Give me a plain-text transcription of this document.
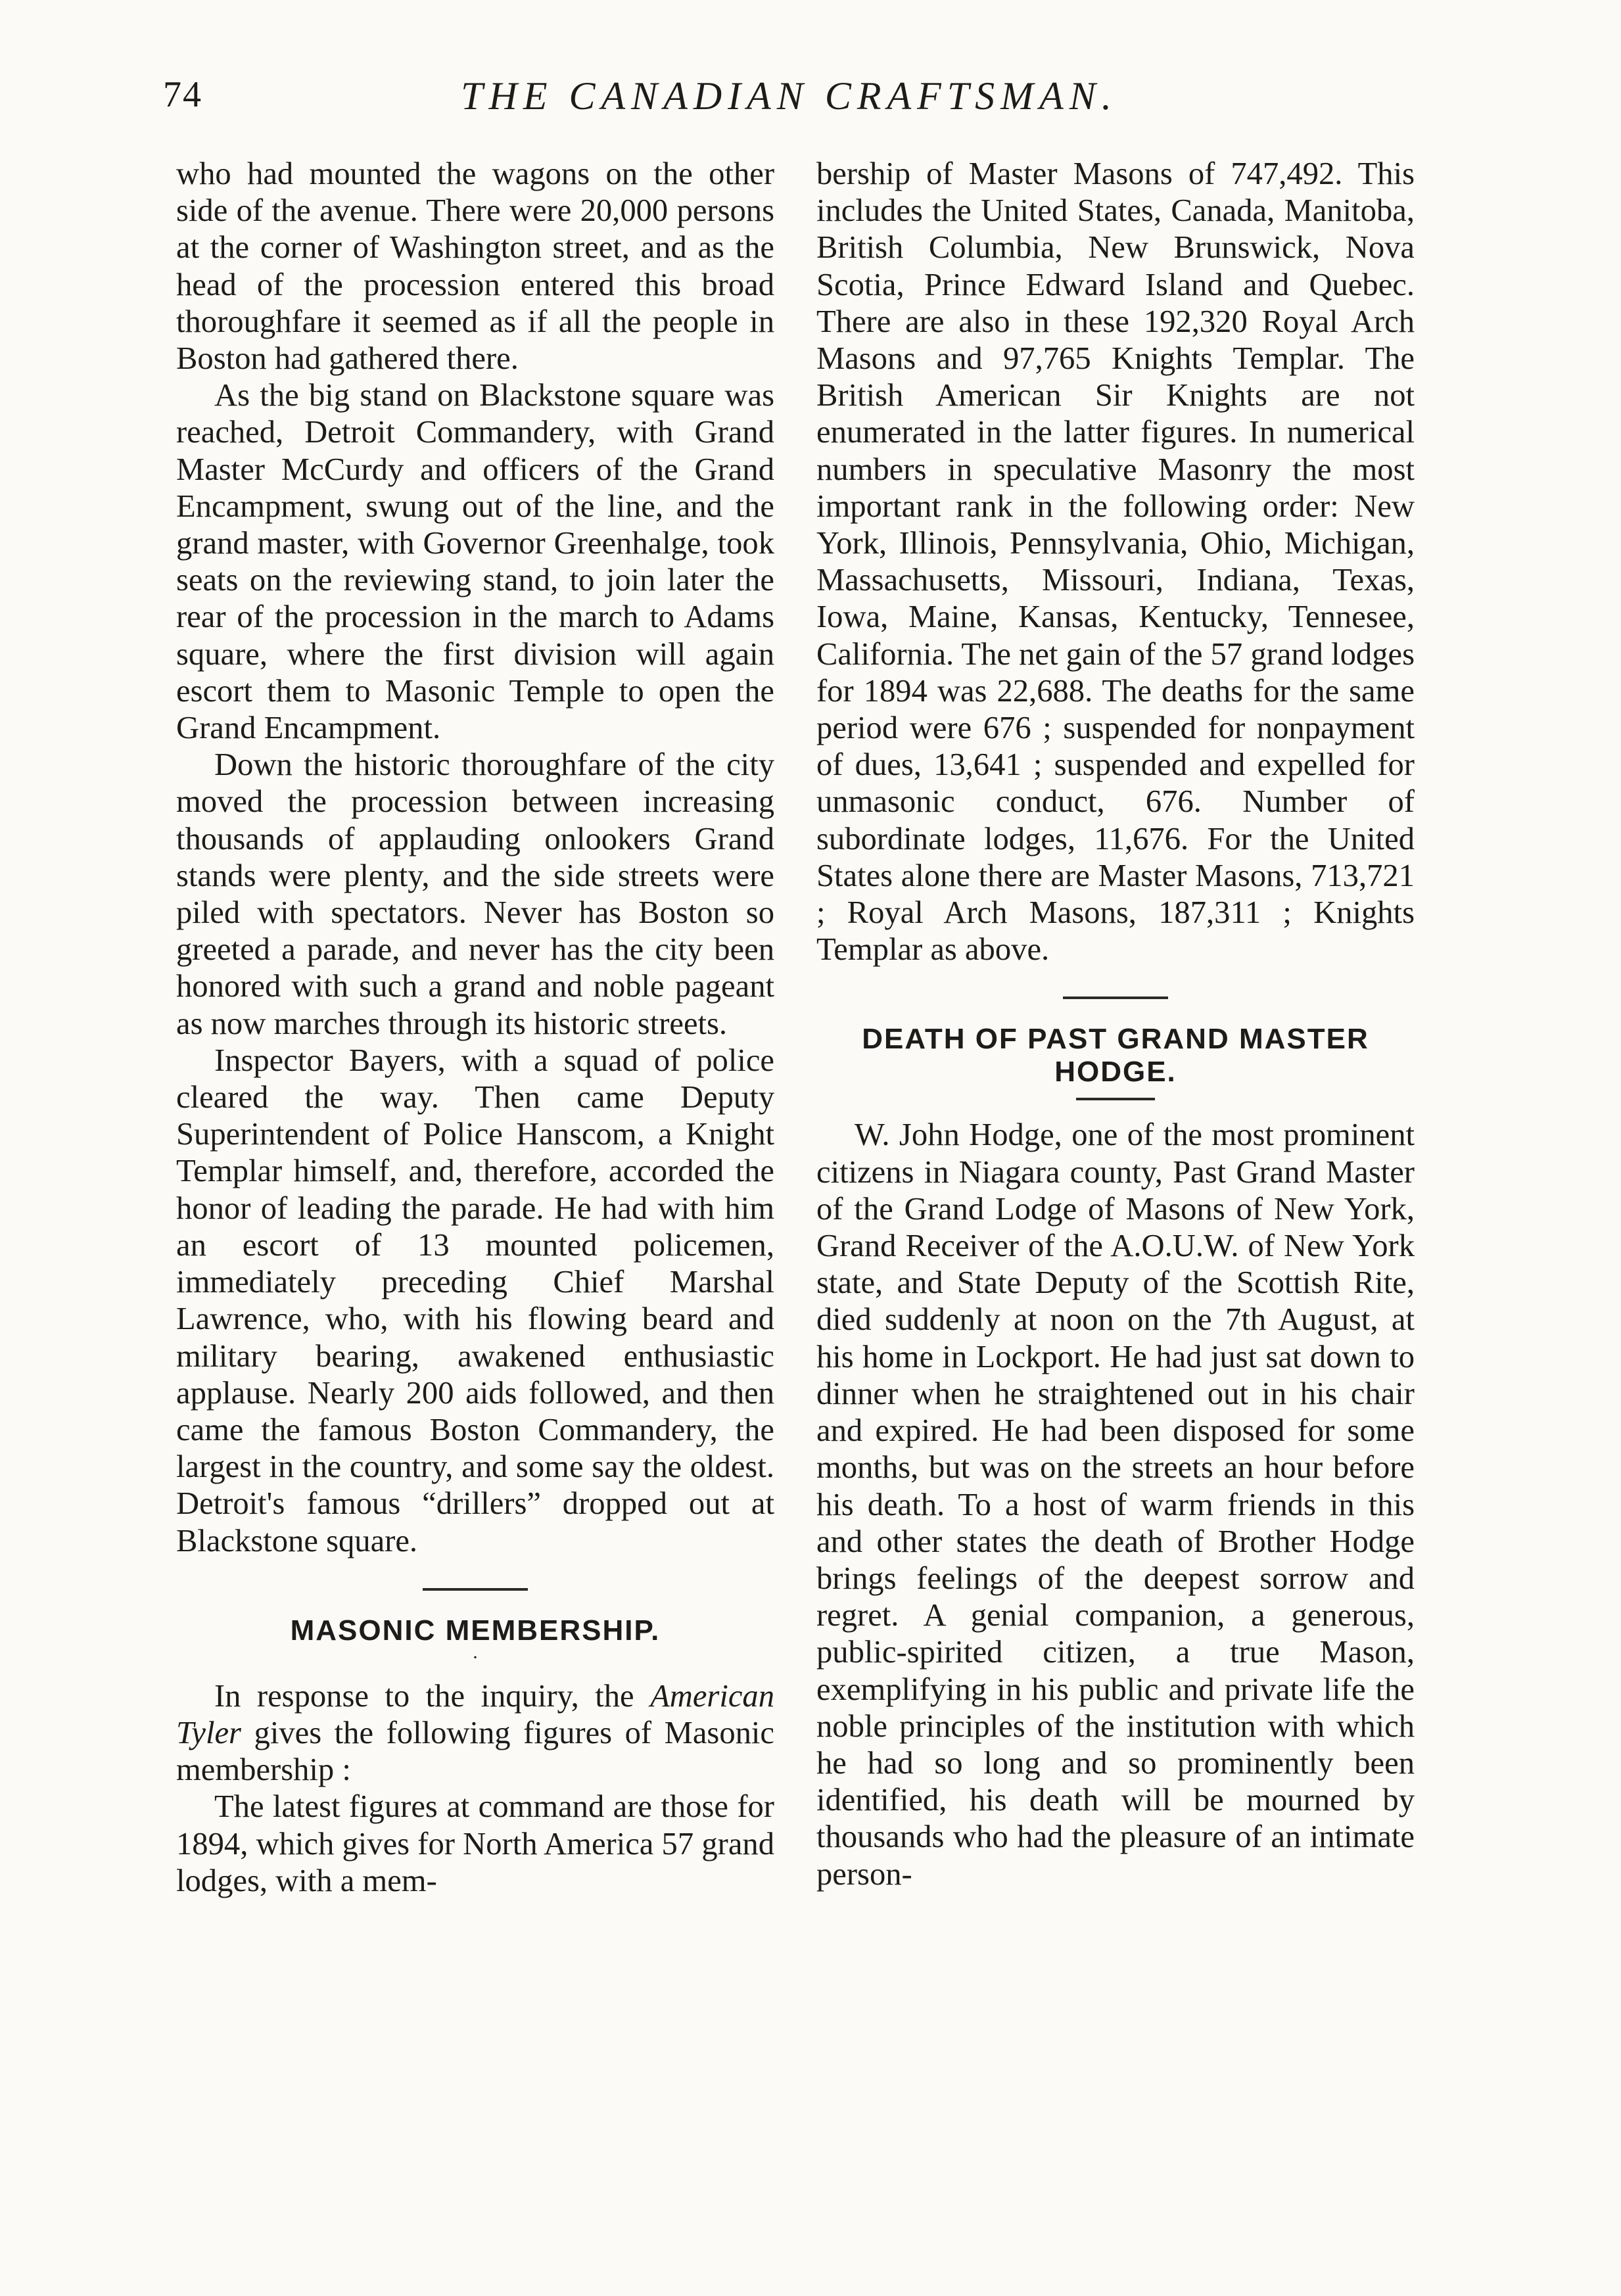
74	THE CANADIAN CRAFTSMAN.

who had mounted the wagons on the other side of the avenue. There were 20,000 persons at the corner of Washington street, and as the head of the procession entered this broad thoroughfare it seemed as if all the people in Boston had gathered there.

As the big stand on Blackstone square was reached, Detroit Commandery, with Grand Master McCurdy and officers of the Grand Encampment, swung out of the line, and the grand master, with Governor Greenhalge, took seats on the reviewing stand, to join later the rear of the procession in the march to Adams square, where the first division will again escort them to Masonic Temple to open the Grand Encampment.

Down the historic thoroughfare of the city moved the procession between increasing thousands of applauding onlookers Grand stands were plenty, and the side streets were piled with spectators. Never has Boston so greeted a parade, and never has the city been honored with such a grand and noble pageant as now marches through its historic streets.

Inspector Bayers, with a squad of police cleared the way. Then came Deputy Superintendent of Police Hanscom, a Knight Templar himself, and, therefore, accorded the honor of leading the parade. He had with him an escort of 13 mounted policemen, immediately preceding Chief Marshal Lawrence, who, with his flowing beard and military bearing, awakened enthusiastic applause. Nearly 200 aids followed, and then came the famous Boston Commandery, the largest in the country, and some say the oldest. Detroit's famous “drillers” dropped out at Blackstone square.

MASONIC MEMBERSHIP.
·

In response to the inquiry, the American Tyler gives the following figures of Masonic membership :

The latest figures at command are those for 1894, which gives for North America 57 grand lodges, with a mem-

bership of Master Masons of 747,492. This includes the United States, Canada, Manitoba, British Columbia, New Brunswick, Nova Scotia, Prince Edward Island and Quebec. There are also in these 192,320 Royal Arch Masons and 97,765 Knights Templar. The British American Sir Knights are not enumerated in the latter figures. In numerical numbers in speculative Masonry the most important rank in the following order: New York, Illinois, Pennsylvania, Ohio, Michigan, Massachusetts, Missouri, Indiana, Texas, Iowa, Maine, Kansas, Kentucky, Tennesee, California. The net gain of the 57 grand lodges for 1894 was 22,688. The deaths for the same period were 676 ; suspended for nonpayment of dues, 13,641 ; suspended and expelled for unmasonic conduct, 676. Number of subordinate lodges, 11,676. For the United States alone there are Master Masons, 713,721 ; Royal Arch Masons, 187,311 ; Knights Templar as above.

DEATH OF PAST GRAND MASTER HODGE.

W. John Hodge, one of the most prominent citizens in Niagara county, Past Grand Master of the Grand Lodge of Masons of New York, Grand Receiver of the A.O.U.W. of New York state, and State Deputy of the Scottish Rite, died suddenly at noon on the 7th August, at his home in Lockport. He had just sat down to dinner when he straightened out in his chair and expired. He had been disposed for some months, but was on the streets an hour before his death. To a host of warm friends in this and other states the death of Brother Hodge brings feelings of the deepest sorrow and regret. A genial companion, a generous, public-spirited citizen, a true Mason, exemplifying in his public and private life the noble principles of the institution with which he had so long and so prominently been identified, his death will be mourned by thousands who had the pleasure of an intimate person-
